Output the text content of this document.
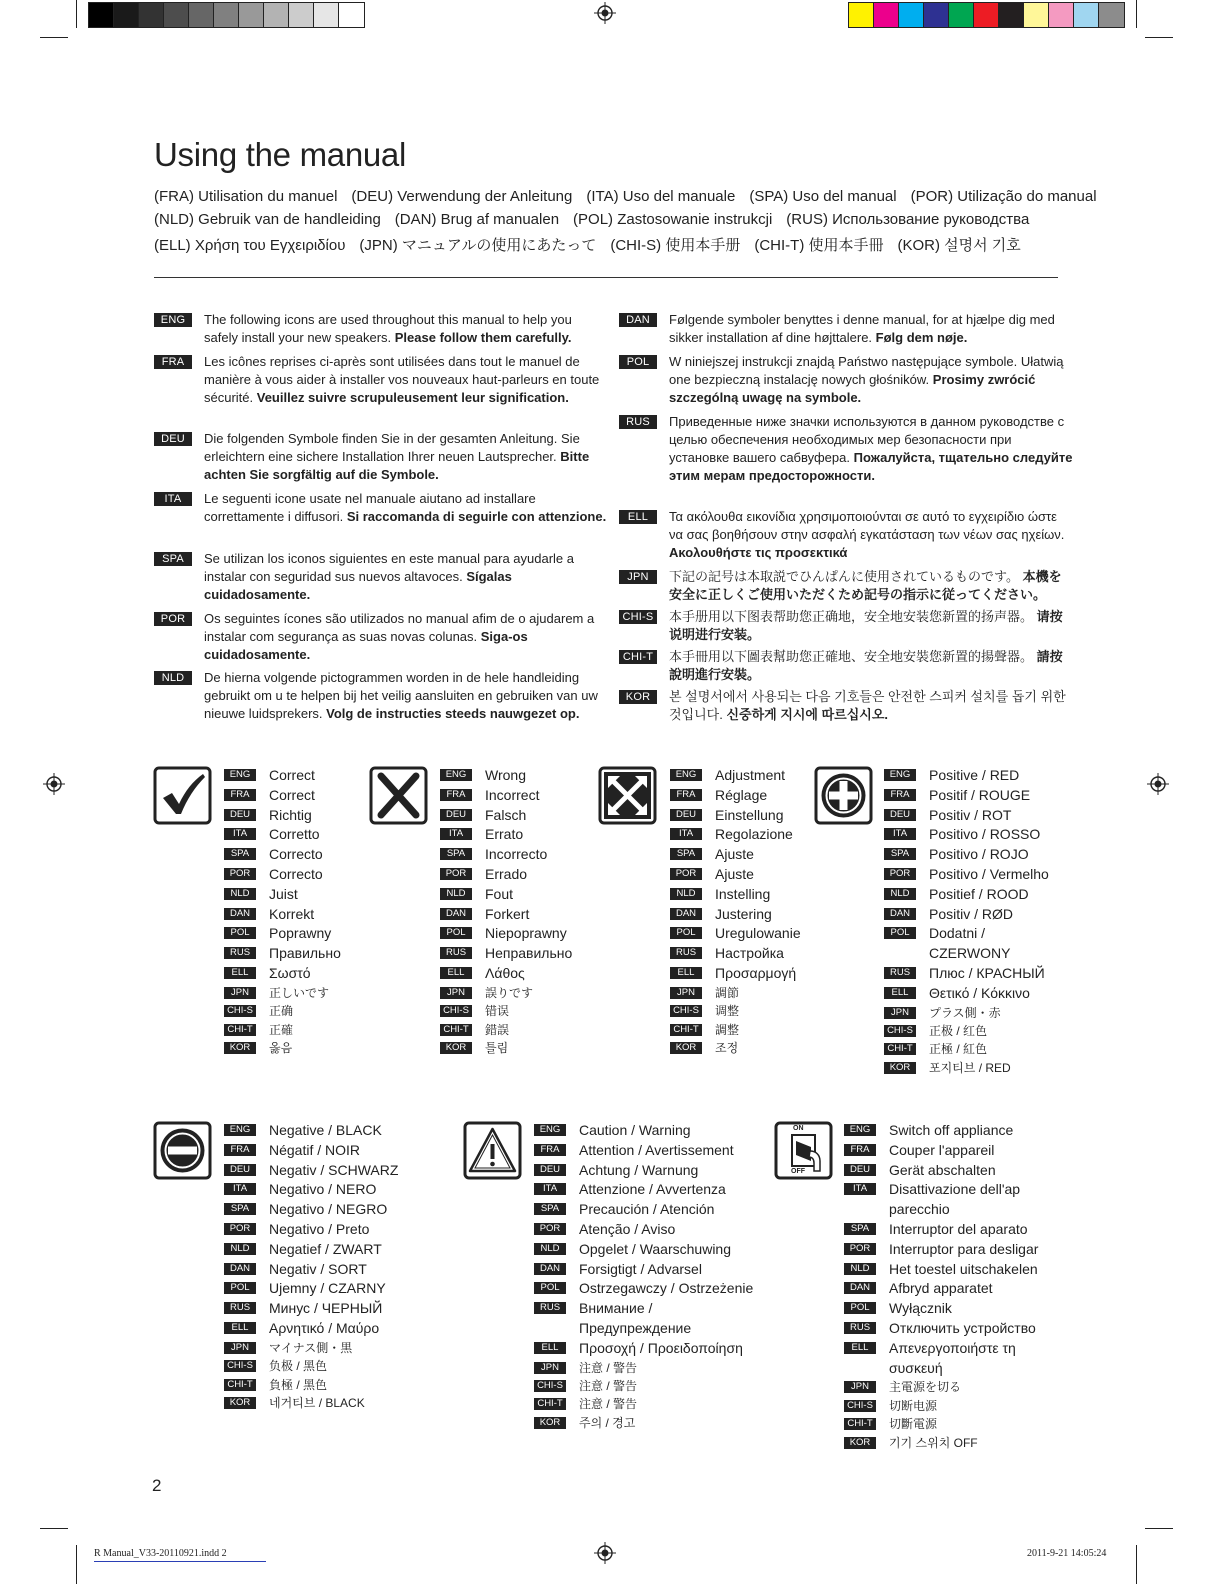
Using the manual
(FRA) Utilisation du manuel (DEU) Verwendung der Anleitung (ITA) Uso del manuale (SPA) Uso del manual (POR) Utilização do manual
(NLD) Gebruik van de handleiding (DAN) Brug af manualen (POL) Zastosowanie instrukcji (RUS) Использование руководства
(ELL) Χρήση του Εγχειριδίου (JPN) マニュアルの使用にあたって (CHI-S) 使用本手册 (CHI-T) 使用本手冊 (KOR) 설명서 기호
ENG	The following icons are used throughout this manual to help you safely install your new speakers. Please follow them carefully.
FRA	Les icônes reprises ci-après sont utilisées dans tout le manuel de manière à vous aider à installer vos nouveaux haut-parleurs en toute sécurité. Veuillez suivre scrupuleusement leur signification.
DEU	Die folgenden Symbole finden Sie in der gesamten Anleitung. Sie erleichtern eine sichere Installation Ihrer neuen Lautsprecher. Bitte achten Sie sorgfältig auf die Symbole.
ITA	Le seguenti icone usate nel manuale aiutano ad installare correttamente i diffusori. Si raccomanda di seguirle con attenzione.
SPA	Se utilizan los iconos siguientes en este manual para ayudarle a instalar con seguridad sus nuevos altavoces. Sígalas cuidadosamente.
POR	Os seguintes ícones são utilizados no manual afim de o ajudarem a instalar com segurança as suas novas colunas. Siga-os cuidadosamente.
NLD	De hierna volgende pictogrammen worden in de hele handleiding gebruikt om u te helpen bij het veilig aansluiten en gebruiken van uw nieuwe luidsprekers. Volg de instructies steeds nauwgezet op.
DAN	Følgende symboler benyttes i denne manual, for at hjælpe dig med sikker installation af dine højttalere. Følg dem nøje.
POL	W niniejszej instrukcji znajdą Państwo następujące symbole. Ułatwią one bezpieczną instalację nowych głośników. Prosimy zwrócić szczególną uwagę na symbole.
RUS	Приведенные ниже значки используются в данном руководстве с целью обеспечения необходимых мер безопасности при установке вашего сабвуфера. Пожалуйста, тщательно следуйте этим мерам предосторожности.
ELL	Τα ακόλουθα εικονίδια χρησιμοποιούνται σε αυτό το εγχειρίδιο ώστε να σας βοηθήσουν στην ασφαλή εγκατάσταση των νέων σας ηχείων. Ακολουθήστε τις προσεκτικά
JPN	下記の記号は本取説でひんぱんに使用されているものです。 本機を安全に正しくご使用いただくため記号の指示に従ってください。
CHI-S 本手册用以下图表帮助您正确地，安全地安装您新置的扬声器。 请按说明进行安装。
CHI-T 本手冊用以下圖表幫助您正確地、安全地安裝您新置的揚聲器。 請按說明進行安裝。
KOR	본 설명서에서 사용되는 다음 기호들은 안전한 스피커 설치를 돕기 위한 것입니다. 신중하게 지시에 따르십시오.
ON
OFF
ENG	Correct
FRA	Correct
DEU	Richtig
ITA	Corretto
SPA	Correcto
POR	Correcto
NLD	Juist
DAN	Korrekt
POL	Poprawny
RUS	Правильно
ELL	Σωστό
JPN	正しいです
CHI-S 正确
CHI-T 正確
KOR	옳음
ENG	Wrong
FRA	Incorrect
DEU	Falsch
ITA	Errato
SPA	Incorrecto
POR	Errado
NLD	Fout
DAN	Forkert
POL	Niepoprawny
RUS	Неправильно
ELL	Λάθος
JPN	誤りです
CHI-S 错误
CHI-T 錯誤
KOR	틀림
ENG	Adjustment
FRA	Réglage
DEU	Einstellung
ITA	Regolazione
SPA	Ajuste
POR	Ajuste
NLD	Instelling
DAN	Justering
POL	Uregulowanie
RUS	Настройка
ELL	Προσαρμογή
JPN	調節
CHI-S 调整
CHI-T 調整
KOR	조정
ENG	Positive / RED
FRA	Positif / ROUGE
DEU	Positiv / ROT
ITA	Positivo / ROSSO
SPA	Positivo / ROJO
POR	Positivo / Vermelho
NLD	Positief / ROOD
DAN	Positiv / RØD
POL	Dodatni /
CZERWONY
RUS	Плюс / КРАСНЫЙ
ELL	Θετικό / Κόκκινο
JPN	プラス側・赤
CHI-S 正极 / 红色
CHI-T 正極 / 紅色
KOR	포지티브 / RED
ENG	Negative / BLACK
FRA	Négatif / NOIR
DEU	Negativ / SCHWARZ
ITA	Negativo / NERO
SPA	Negativo / NEGRO
POR	Negativo / Preto
NLD	Negatief / ZWART
DAN	Negativ / SORT
POL	Ujemny / CZARNY
RUS	Минус / ЧЕРНЫЙ
ELL	Αρνητικό / Μαύρο
JPN	マイナス側・黒
CHI-S 负极 / 黑色
CHI-T 負極 / 黑色
KOR	네거티브 / BLACK
ENG	Caution / Warning
FRA	Attention / Avertissement
DEU	Achtung / Warnung
ITA	Attenzione / Avvertenza
SPA	Precaución / Atención
POR	Atenção / Aviso
NLD	Opgelet / Waarschuwing
DAN	Forsigtigt / Advarsel
POL	Ostrzegawczy / Ostrzeżenie
RUS	Внимание /
Предупреждение
ELL	Προσοχή / Προειδοποίηση
JPN	注意 / 警告
CHI-S 注意 / 警告
CHI-T 注意 / 警告
KOR	주의 / 경고
ENG	Switch off appliance
FRA	Couper l'appareil
DEU	Gerät abschalten
ITA	Disattivazione dell'ap
parecchio
SPA	Interruptor del aparato
POR	Interruptor para desligar
NLD	Het toestel uitschakelen
DAN	Afbryd apparatet
POL	Wyłącznik
RUS	Отключить устройство
ELL	Απενεργοποιήστε τη
συσκευή
JPN	主電源を切る
CHI-S 切断电源
CHI-T 切斷電源
KOR	기기 스위치 OFF
2
R Manual_V33-20110921.indd 2	2011-9-21 14:05:24
